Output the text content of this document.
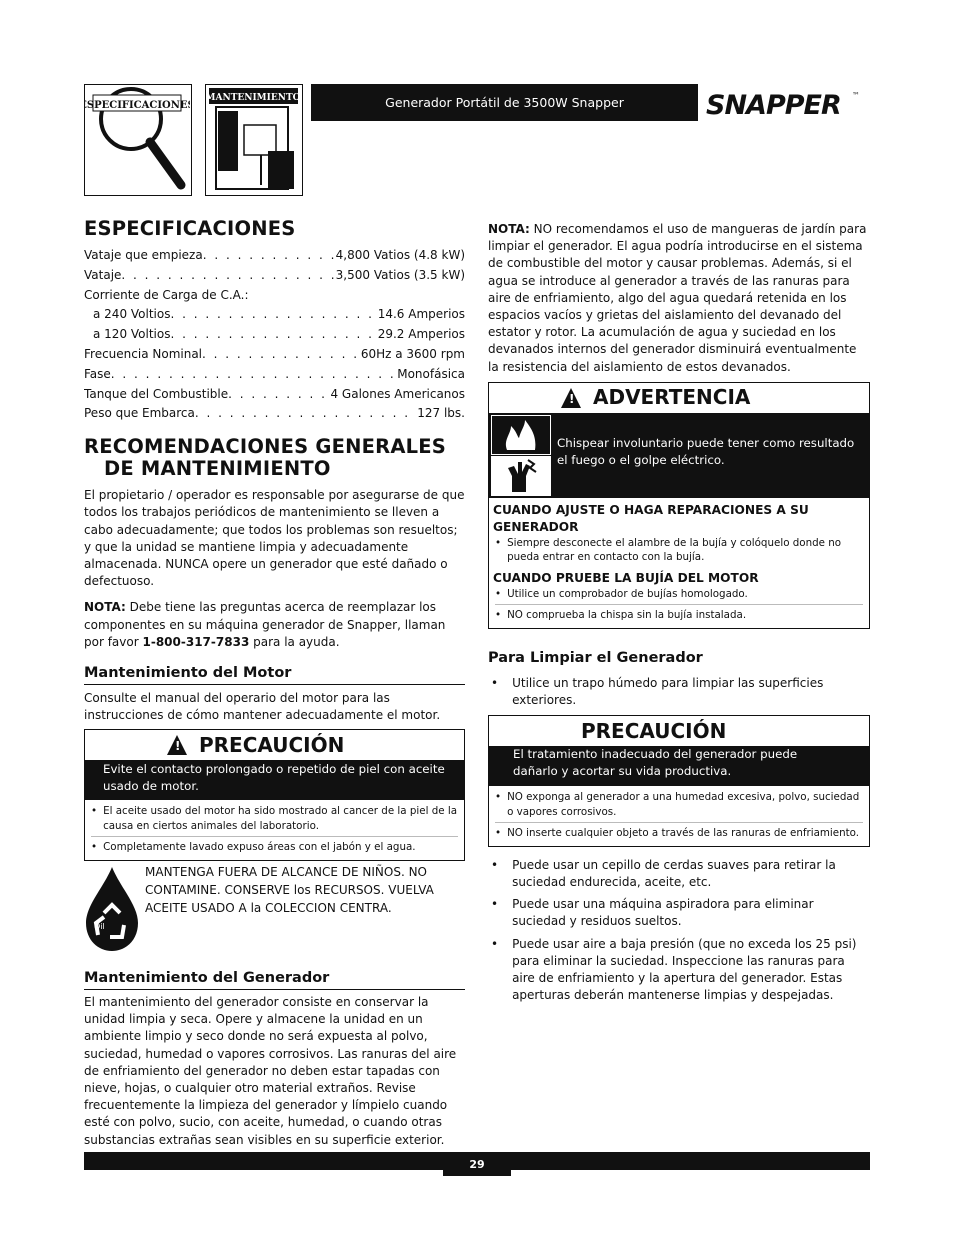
ESPECIFICACIONES
MANTENIMIENTO	Generador Portátil de 3500W Snapper	SNAPPER ™
ESPECIFICACIONES
Vataje que empieza . . .	4,800 Vatios (4.8 kW)
Vataje . . .	3,500 Vatios (3.5 kW)
Corriente de Carga de C.A.:
a 240 Voltios . . .	14.6 Amperios
a 120 Voltios . . .	29.2 Amperios
Frecuencia Nominal . . .	60Hz a 3600 rpm
Fase . . .	Monofásica
Tanque del Combustible . . .	4 Galones Americanos
Peso que Embarca . . .	127 lbs.
RECOMENDACIONES GENERALES
DE MANTENIMIENTO

El propietario / operador es responsable por asegurarse de que todos los trabajos periódicos de mantenimiento se lleven a cabo adecuadamente; que todos los problemas son resueltos; y que la unidad se mantiene limpia y adecuadamente almacenada. NUNCA opere un generador que esté dañado o defectuoso.

NOTA: Debe tiene las preguntas acerca de reemplazar los componentes en su máquina generador de Snapper, llaman por favor 1-800-317-7833 para la ayuda.

Mantenimiento del Motor

Consulte el manual del operario del motor para las instrucciones de cómo mantener adecuadamente el motor.

! PRECAUCIÓN
Evite el contacto prolongado o repetido de piel con aceite usado de motor.
• El aceite usado del motor ha sido mostrado al cancer de la piel de la causa en ciertos animales del laboratorio.
• Completamente lavado expuso áreas con el jabón y el agua.
Oil
MANTENGA FUERA DE ALCANCE DE NIÑOS. NO
CONTAMINE. CONSERVE los RECURSOS. VUELVA
ACEITE USADO A la COLECCION CENTRA.
Mantenimiento del Generador

El mantenimiento del generador consiste en conservar la unidad limpia y seca. Opere y almacene la unidad en un ambiente limpio y seco donde no será expuesta al polvo, suciedad, humedad o vapores corrosivos. Las ranuras del aire de enfriamiento del generador no deben estar tapadas con nieve, hojas, o cualquier otro material extraños. Revise frecuentemente la limpieza del generador y límpielo cuando esté con polvo, sucio, con aceite, humedad, o cuando otras substancias extrañas sean visibles en su superficie exterior.

NOTA: NO recomendamos el uso de mangueras de jardín para limpiar el generador. El agua podría introducirse en el sistema de combustible del motor y causar problemas. Además, si el agua se introduce al generador a través de las ranuras para aire de enfriamiento, algo del agua quedará retenida en los espacios vacíos y grietas del aislamiento del devanado del estator y rotor. La acumulación de agua y suciedad en los devanados internos del generador disminuirá eventualmente la resistencia del aislamiento de estos devanados.

! ADVERTENCIA
Chispear involuntario puede tener como resultado el fuego o el golpe eléctrico.
CUANDO AJUSTE O HAGA REPARACIONES A SU GENERADOR
• Siempre desconecte el alambre de la bujía y colóquelo donde no pueda entrar en contacto con la bujía.
CUANDO PRUEBE LA BUJÍA DEL MOTOR
• Utilice un comprobador de bujías homologado.
• NO comprueba la chispa sin la bujía instalada.
Para Limpiar el Generador
• Utilice un trapo húmedo para limpiar las superficies exteriores.
PRECAUCIÓN
El tratamiento inadecuado del generador puede dañarlo y acortar su vida productiva.
• NO exponga al generador a una humedad excesiva, polvo, suciedad o vapores corrosivos.
• NO inserte cualquier objeto a través de las ranuras de enfriamiento.
• Puede usar un cepillo de cerdas suaves para retirar la suciedad endurecida, aceite, etc.
• Puede usar una máquina aspiradora para eliminar suciedad y residuos sueltos.
• Puede usar aire a baja presión (que no exceda los 25 psi) para eliminar la suciedad. Inspeccione las ranuras para aire de enfriamiento y la apertura del generador. Estas aperturas deberán mantenerse limpias y despejadas.
29
